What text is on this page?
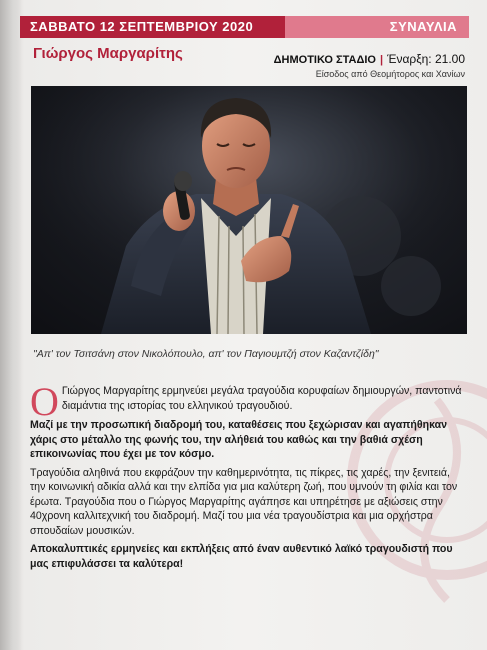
ΣΑΒΒΑΤΟ 12 ΣΕΠΤΕΜΒΡΙΟΥ 2020	ΣΥΝΑΥΛΙΑ
Γιώργος Μαργαρίτης	ΔΗΜΟΤΙΚΟ ΣΤΑΔΙΟ | Έναρξη: 21.00
Είσοδος από Θεομήτορος και Χανίων
"Απ' τον Τσιτσάνη στον Νικολόπουλο, απ' τον Παγιουμτζή στον Καζαντζίδη"

Ο Γιώργος Μαργαρίτης ερμηνεύει μεγάλα τραγούδια κορυφαίων δημιουργών, παντοτινά διαμάντια της ιστορίας του ελληνικού τραγουδιού.

Μαζί με την προσωπική διαδρομή του, καταθέσεις που ξεχώρισαν και αγαπήθηκαν χάρις στο μέταλλο της φωνής του, την αλήθειά του καθώς και την βαθιά σχέση επικοινωνίας που έχει με τον κόσμο.

Τραγούδια αληθινά που εκφράζουν την καθημερινότητα, τις πίκρες, τις χαρές, την ξενιτειά, την κοινωνική αδικία αλλά και την ελπίδα για μια καλύτερη ζωή, που υμνούν τη φιλία και τον έρωτα. Τραγούδια που ο Γιώργος Μαργαρίτης αγάπησε και υπηρέτησε με αξιώσεις στην 40χρονη καλλιτεχνική του διαδρομή. Μαζί του μια νέα τραγουδίστρια και μια ορχήστρα σπουδαίων μουσικών.

Αποκαλυπτικές ερμηνείες και εκπλήξεις από έναν αυθεντικό λαϊκό τραγουδιστή που μας επιφυλάσσει τα καλύτερα!
